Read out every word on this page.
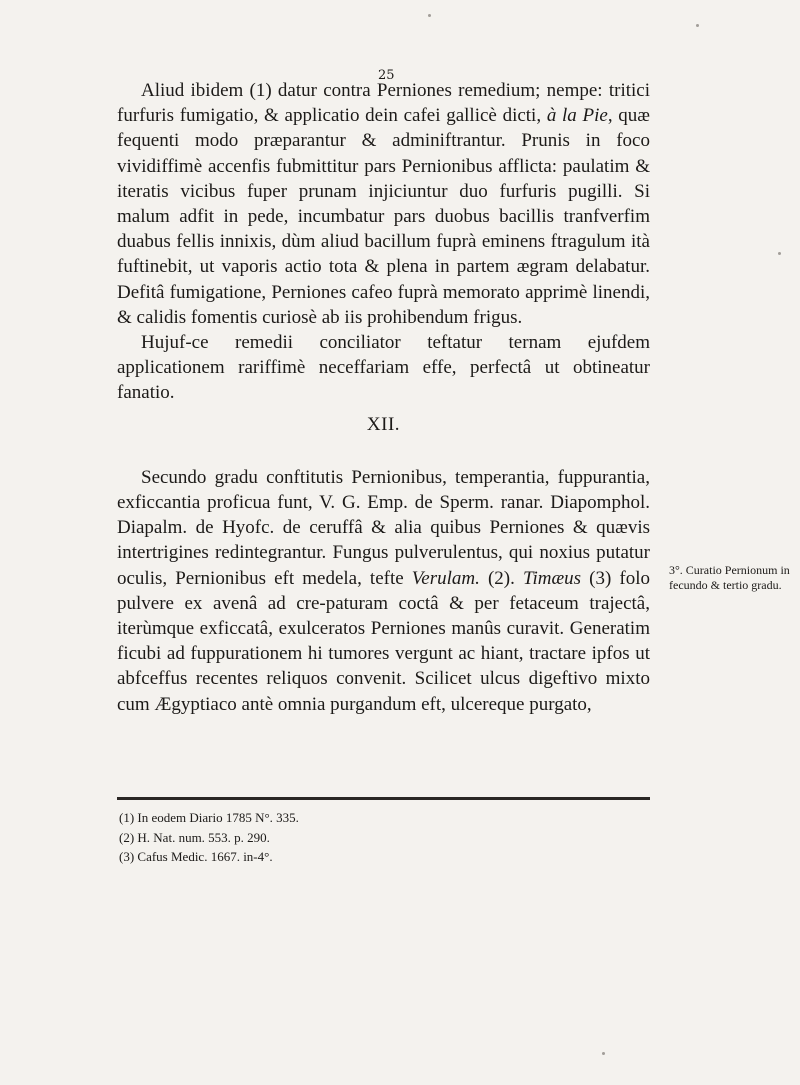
25

Aliud ibidem (1) datur contra Perniones remedium; nempe: tritici furfuris fumigatio, & applicatio dein cafei gallicè dicti, à la Pie, quæ fequenti modo præparantur & adminiftrantur. Prunis in foco vividiffimè accenfis fubmittitur pars Pernionibus afflicta: paulatim & iteratis vicibus fuper prunam injiciuntur duo furfuris pugilli. Si malum adfit in pede, incumbatur pars duobus bacillis tranfverfim duabus fellis innixis, dùm aliud bacillum fuprà eminens ftragulum ità fuftinebit, ut vaporis actio tota & plena in partem ægram delabatur. Defitâ fumigatione, Perniones cafeo fuprà memorato apprimè linendi, & calidis fomentis curiosè ab iis prohibendum frigus.

Hujuf-ce remedii conciliator teftatur ternam ejufdem applicationem rariffimè neceffariam effe, perfectâ ut obtineatur fanatio.

XII.

Secundo gradu conftitutis Pernionibus, temperantia, fuppurantia, exficcantia proficua funt, V. G. Emp. de Sperm. ranar. Diapomphol. Diapalm. de Hyofc. de ceruffâ & alia quibus Perniones & quævis intertrigines redintegrantur. Fungus pulverulentus, qui noxius putatur oculis, Pernionibus eft medela, tefte Verulam. (2). Timæus (3) folo pulvere ex avenâ ad cre-paturam coctâ & per fetaceum trajectâ, iterùmque exficcatâ, exulceratos Perniones manûs curavit. Generatim ficubi ad fuppurationem hi tumores vergunt ac hiant, tractare ipfos ut abfceffus recentes reliquos convenit. Scilicet ulcus digeftivo mixto cum Ægyptiaco antè omnia purgandum eft, ulcereque purgato,

3°. Curatio Pernionum in fecundo & tertio gradu.
(1) In eodem Diario 1785 N°. 335.
(2) H. Nat. num. 553. p. 290.
(3) Cafus Medic. 1667. in-4°.
